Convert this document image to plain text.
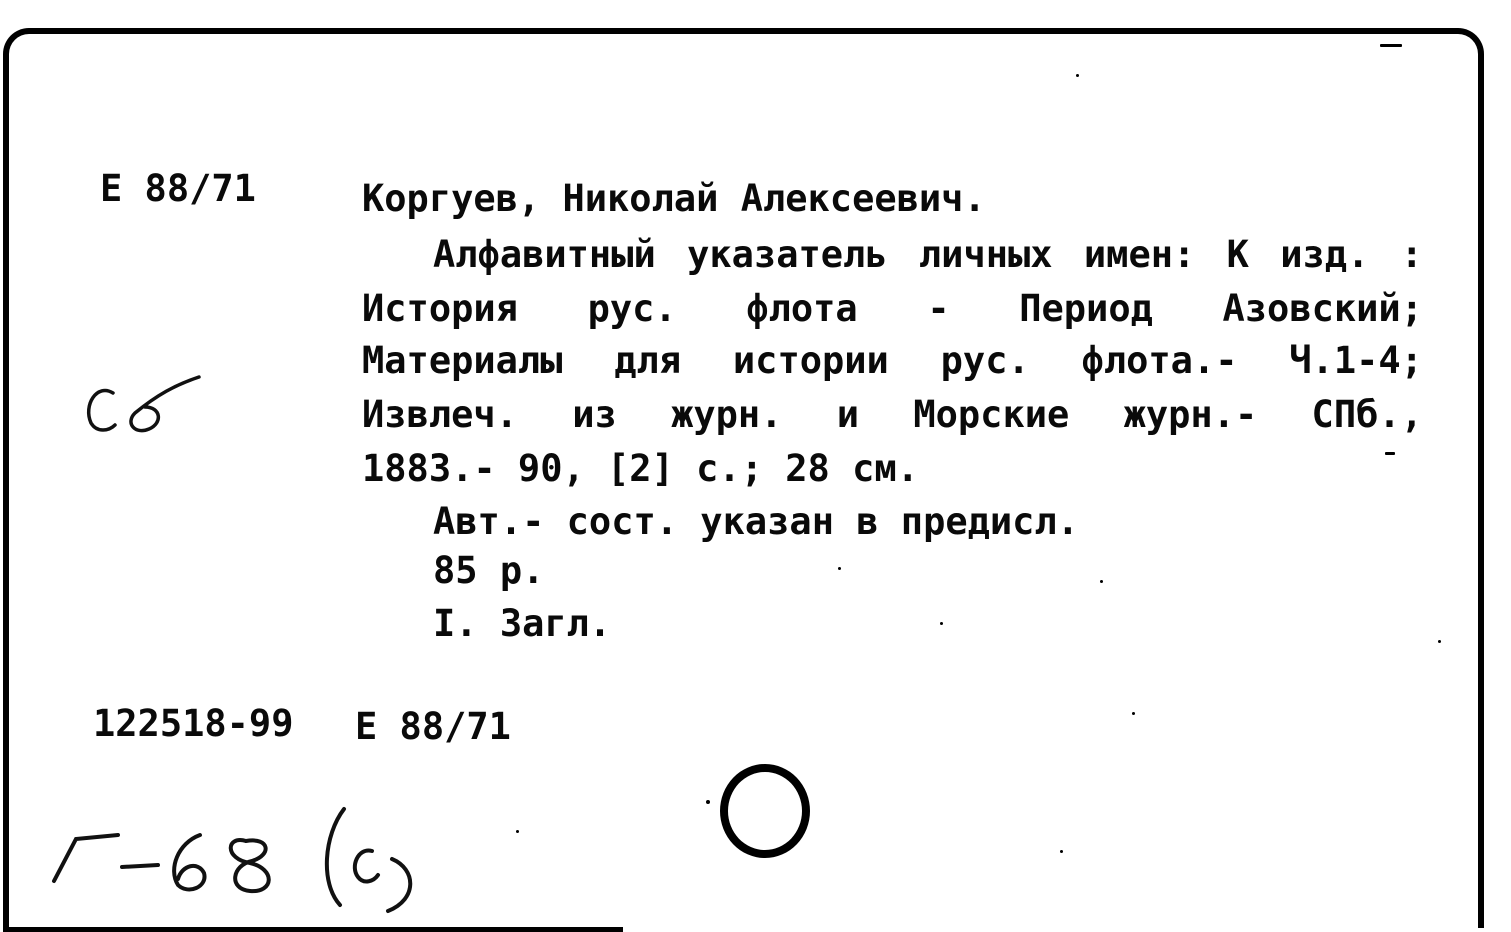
E 88/71	Коргуев, Николай Алексеевич.
Алфавитный указатель личных имен: К изд. :
История рус. флота - Период Азовский;
Материалы для истории рус. флота.- Ч.1-4;
Извлеч. из журн. и Морские журн.- СПб.,
1883.- 90, [2] с.; 28 см.
Авт.- сост. указан в предисл.
85 р.
I. Загл.
122518-99 E 88/71
